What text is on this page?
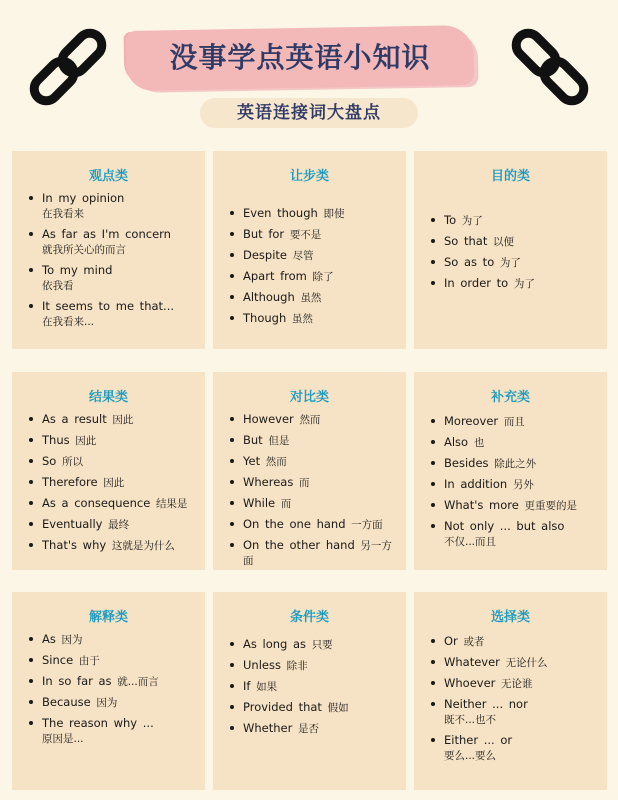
没事学点英语小知识
英语连接词大盘点
观点类
In my opinion
在我看来
As far as I'm concern
就我所关心的而言
To my mind
依我看
It seems to me that...
在我看来...
让步类
Even though 即使
But for 要不是
Despite 尽管
Apart from 除了
Although 虽然
Though 虽然
目的类
To 为了
So that 以便
So as to 为了
In order to 为了
结果类
As a result 因此
Thus 因此
So 所以
Therefore 因此
As a consequence 结果是
Eventually 最终
That's why 这就是为什么
对比类
However 然而
But 但是
Yet 然而
Whereas 而
While 而
On the one hand 一方面
On the other hand 另一方面
补充类
Moreover 而且
Also 也
Besides 除此之外
In addition 另外
What's more 更重要的是
Not only ... but also
不仅...而且
解释类
As 因为
Since 由于
In so far as 就...而言
Because 因为
The reason why ...
原因是...
条件类
As long as 只要
Unless 除非
If 如果
Provided that 假如
Whether 是否
选择类
Or 或者
Whatever 无论什么
Whoever 无论谁
Neither ... nor
既不...也不
Either ... or
要么...要么
